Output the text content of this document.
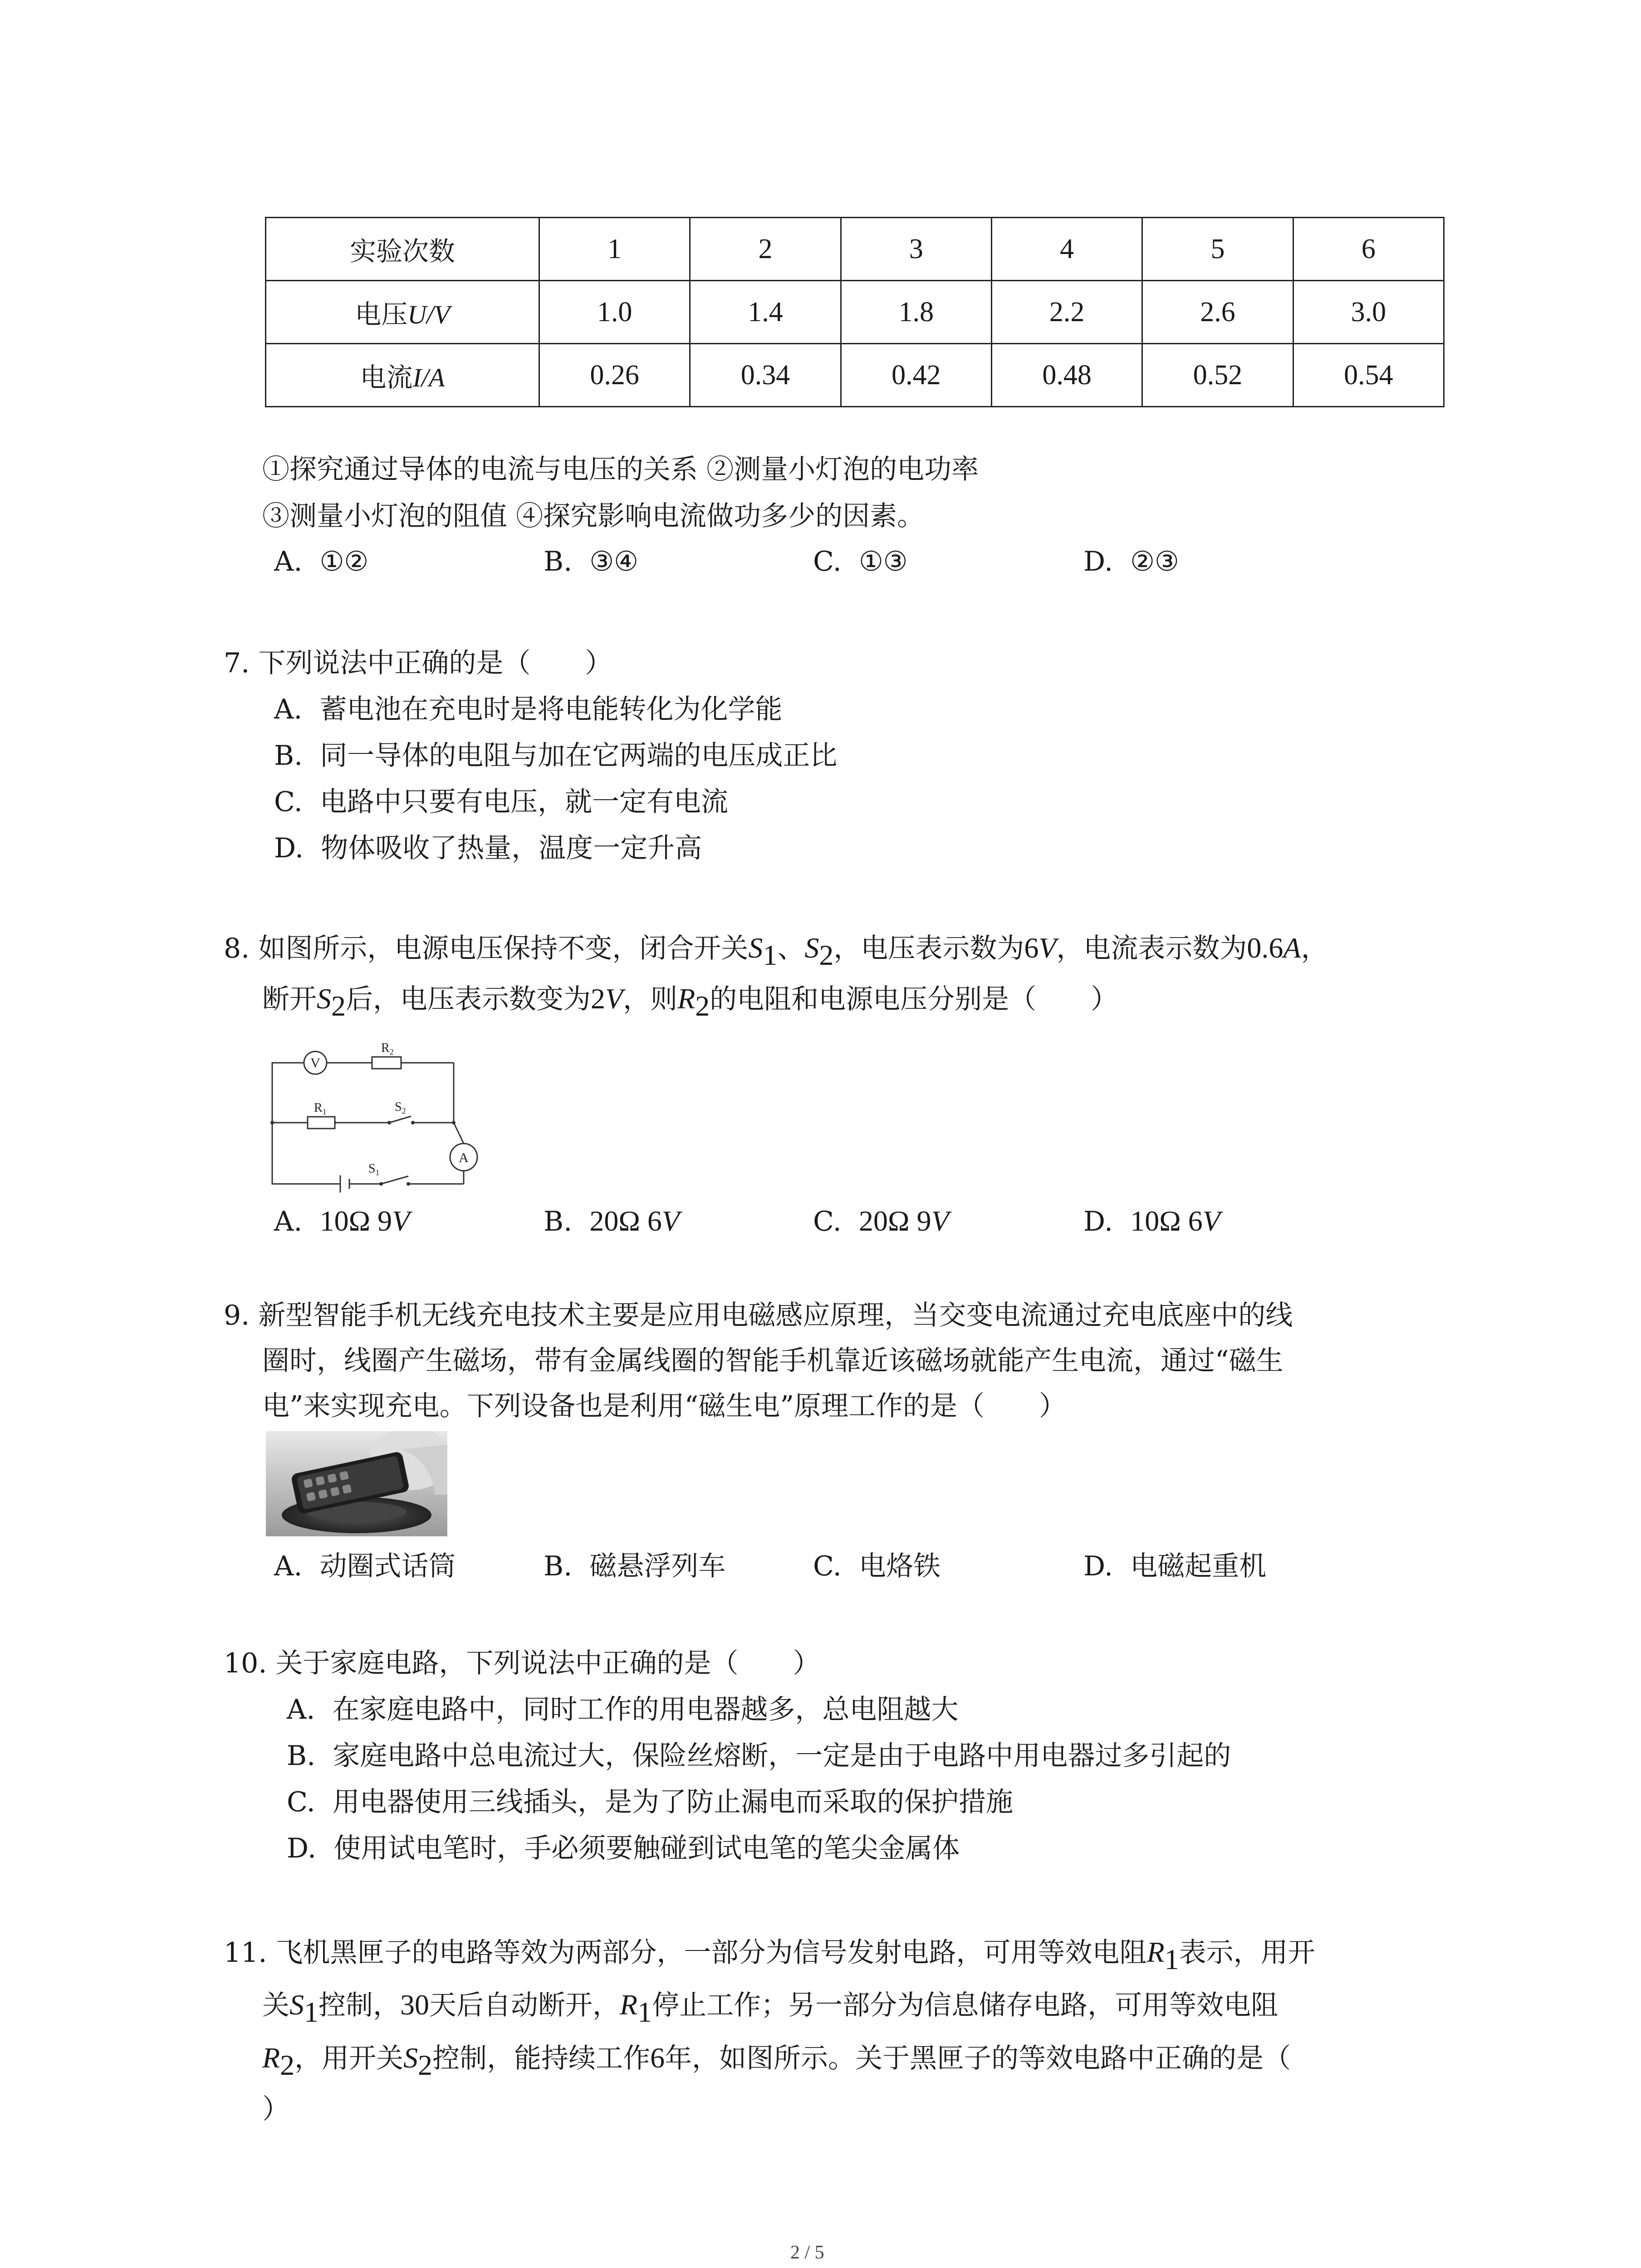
实验次数	1	2	3	4	5	6
电压U/V	1.0	1.4	1.8	2.2	2.6	3.0
电流I/A	0.26	0.34	0.42	0.48	0.52	0.54
①探究通过导体的电流与电压的关系 ②测量小灯泡的电功率
③测量小灯泡的阻值 ④探究影响电流做功多少的因素。
A. ①②	B. ③④	C. ①③	D. ②③
7. 下列说法中正确的是（　　）
A. 蓄电池在充电时是将电能转化为化学能
B. 同一导体的电阻与加在它两端的电压成正比
C. 电路中只要有电压，就一定有电流
D. 物体吸收了热量，温度一定升高
8. 如图所示，电源电压保持不变，闭合开关$S_1$、$S_2$，电压表示数为6V，电流表示数为0.6A，
断开$S_2$后，电压表示数变为2V，则$R_2$的电阻和电源电压分别是（　　）
V
A
$R_2$
$R_1$	$S_2$
$S_1$
A. 10Ω 9V	B. 20Ω 6V	C. 20Ω 9V	D. 10Ω 6V
9. 新型智能手机无线充电技术主要是应用电磁感应原理，当交变电流通过充电底座中的线
圈时，线圈产生磁场，带有金属线圈的智能手机靠近该磁场就能产生电流，通过“磁生
电”来实现充电。下列设备也是利用“磁生电”原理工作的是（　　）
A. 动圈式话筒	B. 磁悬浮列车	C. 电烙铁	D. 电磁起重机
10. 关于家庭电路，下列说法中正确的是（　　）
A. 在家庭电路中，同时工作的用电器越多，总电阻越大
B. 家庭电路中总电流过大，保险丝熔断，一定是由于电路中用电器过多引起的
C. 用电器使用三线插头，是为了防止漏电而采取的保护措施
D. 使用试电笔时，手必须要触碰到试电笔的笔尖金属体
11. 飞机黑匣子的电路等效为两部分，一部分为信号发射电路，可用等效电阻$R_1$表示，用开
关$S_1$控制，30天后自动断开，$R_1$停止工作；另一部分为信息储存电路，可用等效电阻
$R_2$，用开关$S_2$控制，能持续工作6年，如图所示。关于黑匣子的等效电路中正确的是（
）
2 / 5
